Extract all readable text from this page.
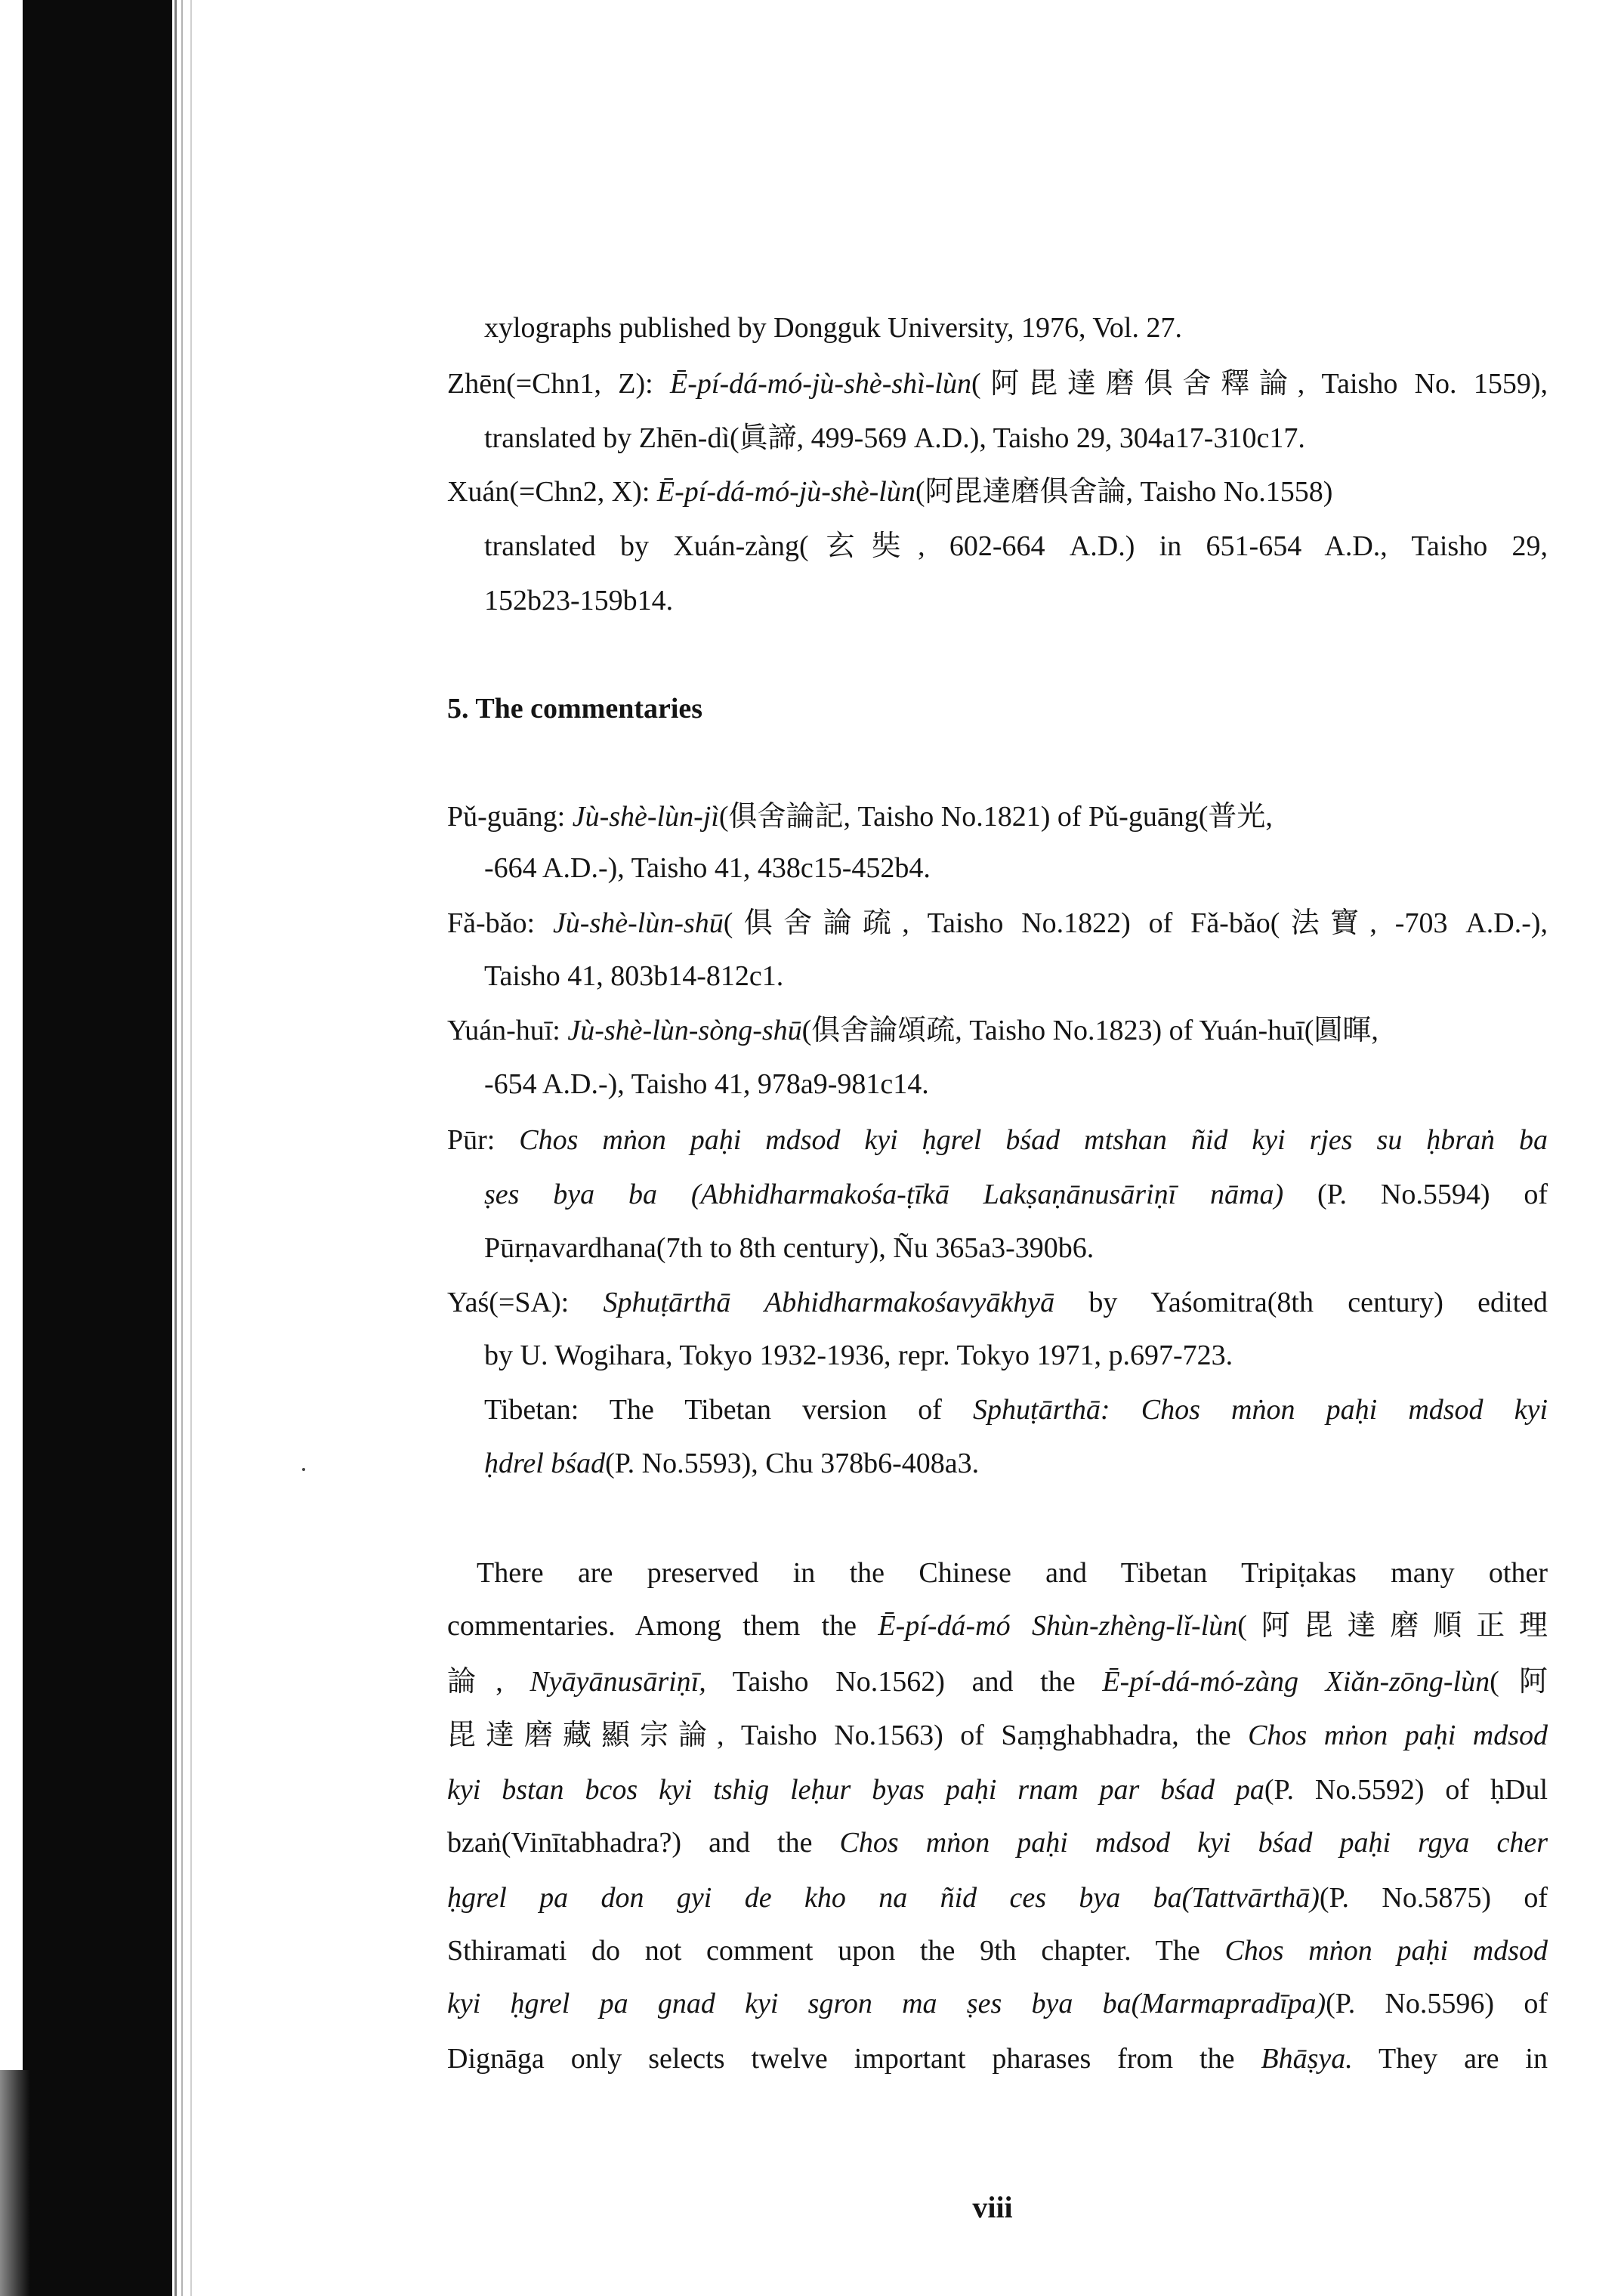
xylographs published by Dongguk University, 1976, Vol. 27.
Zhēn(=Chn1, Z): Ē-pí-dá-mó-jù-shè-shì-lùn(阿毘達磨俱舍釋論, Taisho No. 1559),
translated by Zhēn-dì(眞諦, 499-569 A.D.), Taisho 29, 304a17-310c17.
Xuán(=Chn2, X): Ē-pí-dá-mó-jù-shè-lùn(阿毘達磨俱舍論, Taisho No.1558)
translated by Xuán-zàng(玄奘, 602-664 A.D.) in 651-654 A.D., Taisho 29,
152b23-159b14.
5. The commentaries
Pǔ-guāng: Jù-shè-lùn-jì(俱舍論記, Taisho No.1821) of Pǔ-guāng(普光,
-664 A.D.-), Taisho 41, 438c15-452b4.
Fǎ-bǎo: Jù-shè-lùn-shū(俱舍論疏, Taisho No.1822) of Fǎ-bǎo(法寶, -703 A.D.-),
Taisho 41, 803b14-812c1.
Yuán-huī: Jù-shè-lùn-sòng-shū(俱舍論頌疏, Taisho No.1823) of Yuán-huī(圓暉,
-654 A.D.-), Taisho 41, 978a9-981c14.
Pūr: Chos mṅon paḥi mdsod kyi ḥgrel bśad mtshan ñid kyi rjes su ḥbraṅ ba
ṣes bya ba (Abhidharmakośa-ṭīkā Lakṣaṇānusāriṇī nāma) (P. No.5594) of
Pūrṇavardhana(7th to 8th century), Ñu 365a3-390b6.
Yaś(=SA): Sphuṭārthā Abhidharmakośavyākhyā by Yaśomitra(8th century) edited
by U. Wogihara, Tokyo 1932-1936, repr. Tokyo 1971, p.697-723.
Tibetan: The Tibetan version of Sphuṭārthā: Chos mṅon paḥi mdsod kyi
ḥdrel bśad(P. No.5593), Chu 378b6-408a3.
There are preserved in the Chinese and Tibetan Tripiṭakas many other
commentaries. Among them the Ē-pí-dá-mó Shùn-zhèng-lǐ-lùn(阿毘達磨順正理
論, Nyāyānusāriṇī, Taisho No.1562) and the Ē-pí-dá-mó-zàng Xiǎn-zōng-lùn(阿
毘達磨藏顯宗論, Taisho No.1563) of Saṃghabhadra, the Chos mṅon paḥi mdsod
kyi bstan bcos kyi tshig leḥur byas paḥi rnam par bśad pa(P. No.5592) of ḥDul
bzaṅ(Vinītabhadra?) and the Chos mṅon paḥi mdsod kyi bśad paḥi rgya cher
ḥgrel pa don gyi de kho na ñid ces bya ba(Tattvārthā)(P. No.5875) of
Sthiramati do not comment upon the 9th chapter. The Chos mṅon paḥi mdsod
kyi ḥgrel pa gnad kyi sgron ma ṣes bya ba(Marmapradīpa)(P. No.5596) of
Dignāga only selects twelve important pharases from the Bhāṣya. They are in
viii
